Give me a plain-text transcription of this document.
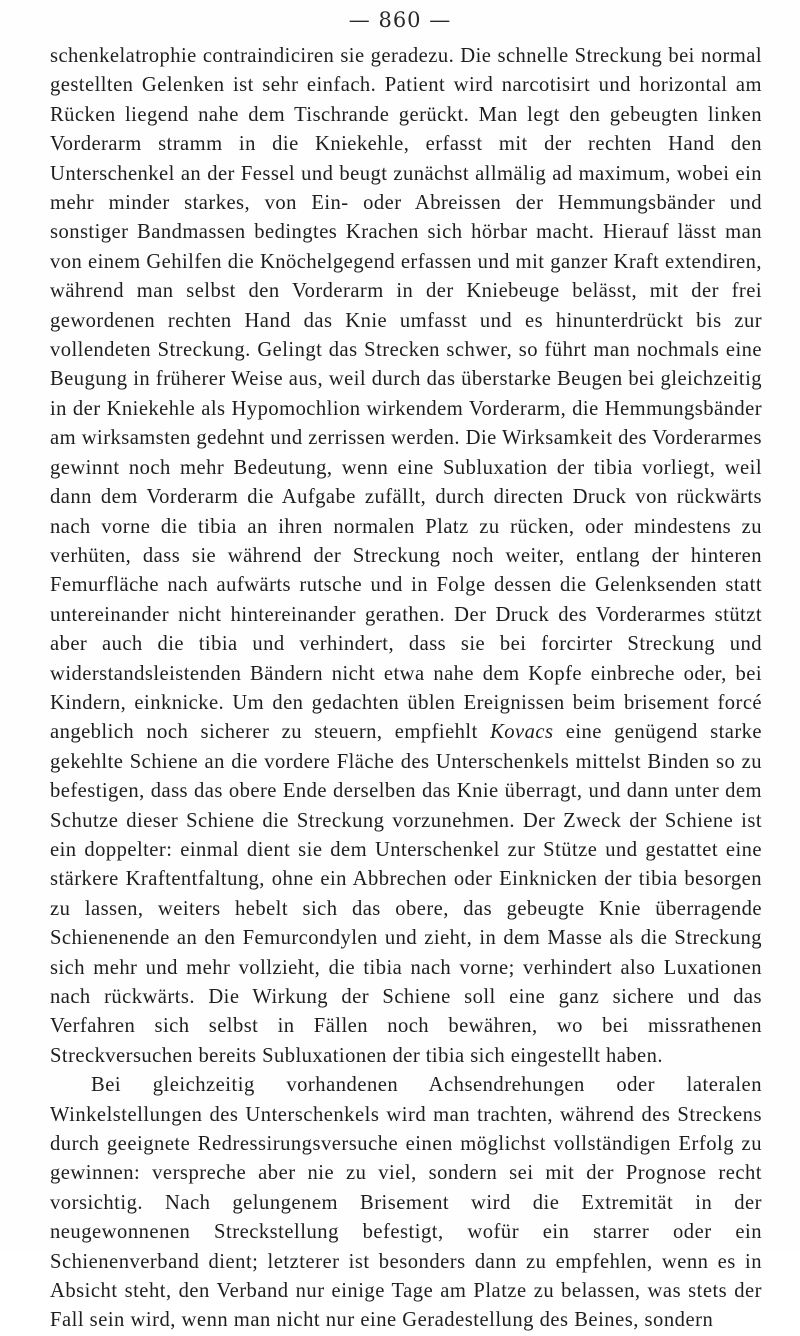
— 860 —

schenkelatrophie contraindiciren sie geradezu. Die schnelle Streckung bei normal gestellten Gelenken ist sehr einfach. Patient wird narcotisirt und horizontal am Rücken liegend nahe dem Tischrande gerückt. Man legt den gebeugten linken Vorderarm stramm in die Kniekehle, erfasst mit der rechten Hand den Unterschenkel an der Fessel und beugt zunächst allmälig ad maximum, wobei ein mehr minder starkes, von Ein- oder Abreissen der Hemmungsbänder und sonstiger Bandmassen bedingtes Krachen sich hörbar macht. Hierauf lässt man von einem Gehilfen die Knöchelgegend erfassen und mit ganzer Kraft extendiren, während man selbst den Vorderarm in der Kniebeuge belässt, mit der frei gewordenen rechten Hand das Knie umfasst und es hinunterdrückt bis zur vollendeten Streckung. Gelingt das Strecken schwer, so führt man nochmals eine Beugung in früherer Weise aus, weil durch das überstarke Beugen bei gleichzeitig in der Kniekehle als Hypomochlion wirkendem Vorderarm, die Hemmungsbänder am wirksamsten gedehnt und zerrissen werden. Die Wirksamkeit des Vorderarmes gewinnt noch mehr Bedeutung, wenn eine Subluxation der tibia vorliegt, weil dann dem Vorderarm die Aufgabe zufällt, durch directen Druck von rückwärts nach vorne die tibia an ihren normalen Platz zu rücken, oder mindestens zu verhüten, dass sie während der Streckung noch weiter, entlang der hinteren Femurfläche nach aufwärts rutsche und in Folge dessen die Gelenksenden statt untereinander nicht hintereinander gerathen. Der Druck des Vorderarmes stützt aber auch die tibia und verhindert, dass sie bei forcirter Streckung und widerstandsleistenden Bändern nicht etwa nahe dem Kopfe einbreche oder, bei Kindern, einknicke. Um den gedachten üblen Ereignissen beim brisement forcé angeblich noch sicherer zu steuern, empfiehlt Kovacs eine genügend starke gekehlte Schiene an die vordere Fläche des Unterschenkels mittelst Binden so zu befestigen, dass das obere Ende derselben das Knie überragt, und dann unter dem Schutze dieser Schiene die Streckung vorzunehmen. Der Zweck der Schiene ist ein doppelter: einmal dient sie dem Unterschenkel zur Stütze und gestattet eine stärkere Kraftentfaltung, ohne ein Abbrechen oder Einknicken der tibia besorgen zu lassen, weiters hebelt sich das obere, das gebeugte Knie überragende Schienenende an den Femurcondylen und zieht, in dem Masse als die Streckung sich mehr und mehr vollzieht, die tibia nach vorne; verhindert also Luxationen nach rückwärts. Die Wirkung der Schiene soll eine ganz sichere und das Verfahren sich selbst in Fällen noch bewähren, wo bei missrathenen Streckversuchen bereits Subluxationen der tibia sich eingestellt haben.

Bei gleichzeitig vorhandenen Achsendrehungen oder lateralen Winkelstellungen des Unterschenkels wird man trachten, während des Streckens durch geeignete Redressirungsversuche einen möglichst vollständigen Erfolg zu gewinnen: verspreche aber nie zu viel, sondern sei mit der Prognose recht vorsichtig. Nach gelungenem Brisement wird die Extremität in der neugewonnenen Streckstellung befestigt, wofür ein starrer oder ein Schienenverband dient; letzterer ist besonders dann zu empfehlen, wenn es in Absicht steht, den Verband nur einige Tage am Platze zu belassen, was stets der Fall sein wird, wenn man nicht nur eine Geradestellung des Beines, sondern
